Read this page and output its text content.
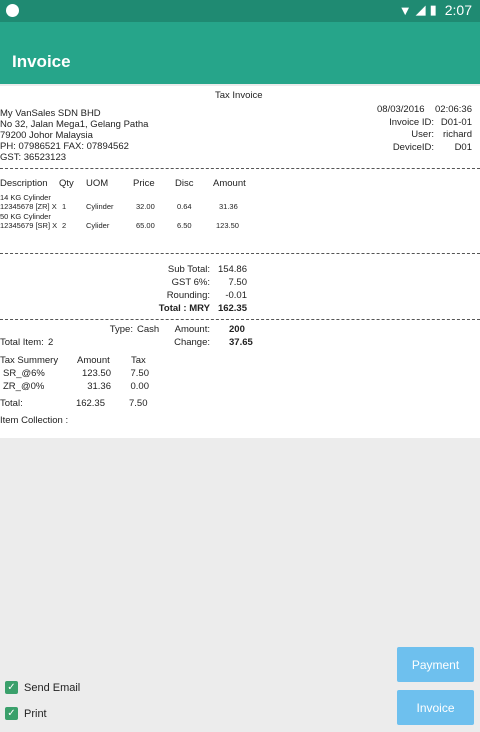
▼ ◢ ▮ 2:07
Invoice
Tax Invoice
My VanSales SDN BHD
No 32, Jalan Mega1, Gelang Patha
79200 Johor Malaysia
PH: 07986521 FAX: 07894562
GST: 36523123
08/03/2016 02:06:36
Invoice ID: D01-01
User: richard
DeviceID:	D01
Description Qty UOM	Price Disc Amount
14 KG Cylinder
12345678 [ZR] X 1	Cylinder	32.00	0.64	31.36
50 KG Cylinder
12345679 [SR] X 2	Cylider	65.00	6.50	123.50
Sub Total: 154.86
GST 6%:	7.50
Rounding:	-0.01
Total : MRY 162.35
Type: Cash	Amount: 200
Total Item: 2	Change: 37.65
Tax Summery Amount Tax
SR_@6%	123.50	7.50
ZR_@0%	31.36	0.00
Total:	162.35	7.50
Item Collection :
Payment
Invoice
✓ Send Email
✓ Print
